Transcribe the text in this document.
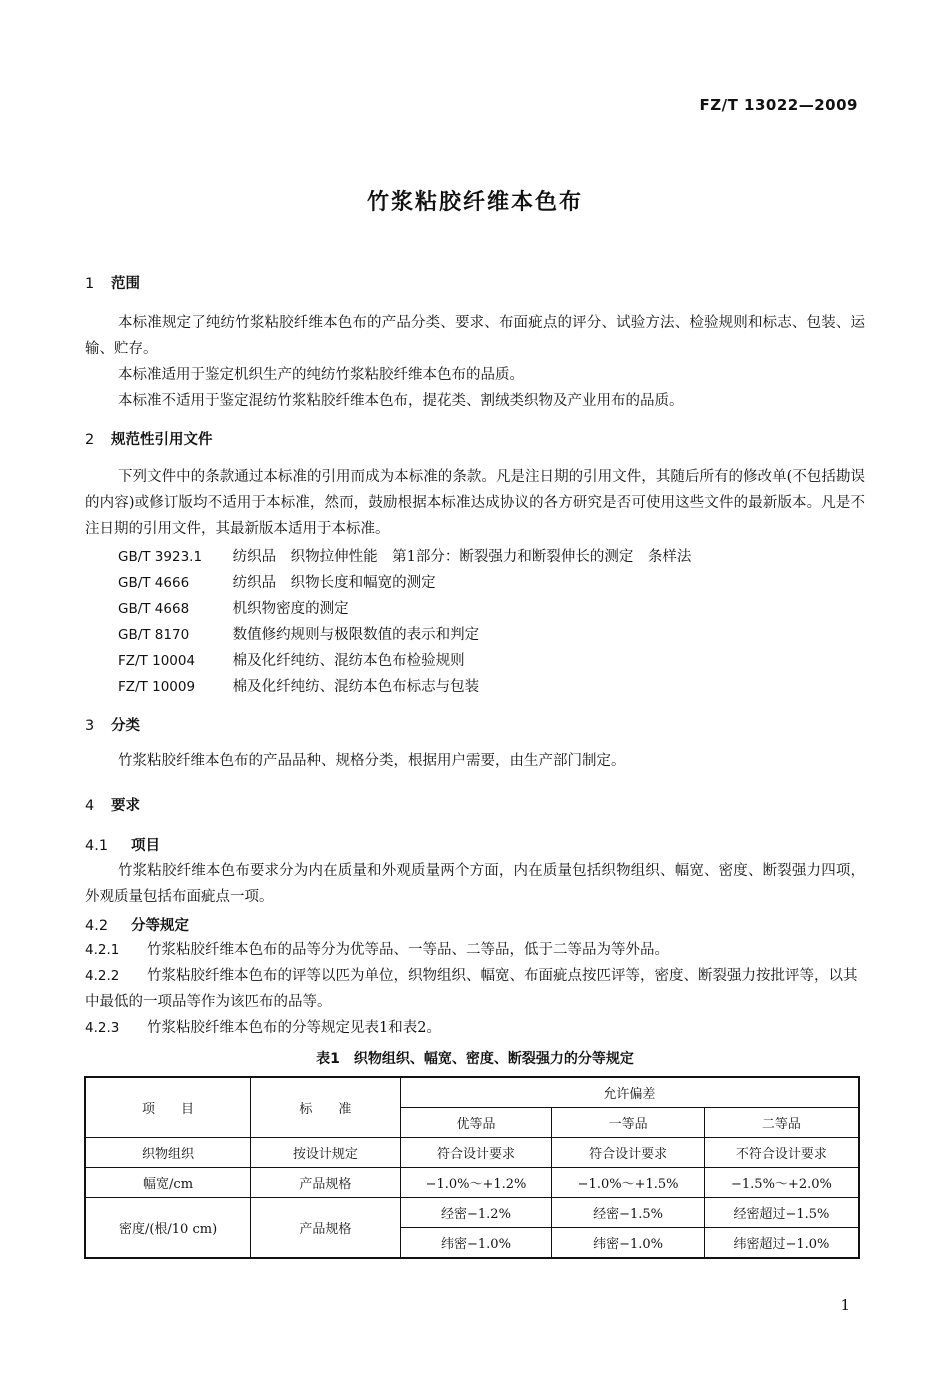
FZ/T 13022—2009
竹浆粘胶纤维本色布
1 范围
本标准规定了纯纺竹浆粘胶纤维本色布的产品分类、要求、布面疵点的评分、试验方法、检验规则和标志、包装、运输、贮存。
本标准适用于鉴定机织生产的纯纺竹浆粘胶纤维本色布的品质。
本标准不适用于鉴定混纺竹浆粘胶纤维本色布，提花类、割绒类织物及产业用布的品质。
2 规范性引用文件
下列文件中的条款通过本标准的引用而成为本标准的条款。凡是注日期的引用文件，其随后所有的修改单(不包括勘误的内容)或修订版均不适用于本标准，然而，鼓励根据本标准达成协议的各方研究是否可使用这些文件的最新版本。凡是不注日期的引用文件，其最新版本适用于本标准。
GB/T 3923.1 纺织品　织物拉伸性能　第1部分：断裂强力和断裂伸长的测定　条样法
GB/T 4666	纺织品　织物长度和幅宽的测定
GB/T 4668	机织物密度的测定
GB/T 8170	数值修约规则与极限数值的表示和判定
FZ/T 10004	棉及化纤纯纺、混纺本色布检验规则
FZ/T 10009	棉及化纤纯纺、混纺本色布标志与包装
3 分类
竹浆粘胶纤维本色布的产品品种、规格分类，根据用户需要，由生产部门制定。
4 要求
4.1 项目
竹浆粘胶纤维本色布要求分为内在质量和外观质量两个方面，内在质量包括织物组织、幅宽、密度、断裂强力四项，外观质量包括布面疵点一项。
4.2 分等规定
4.2.1 竹浆粘胶纤维本色布的品等分为优等品、一等品、二等品，低于二等品为等外品。
4.2.2 竹浆粘胶纤维本色布的评等以匹为单位，织物组织、幅宽、布面疵点按匹评等，密度、断裂强力按批评等，以其中最低的一项品等作为该匹布的品等。
4.2.3 竹浆粘胶纤维本色布的分等规定见表1和表2。
表1　织物组织、幅宽、密度、断裂强力的分等规定
项　　目	标　　准	允许偏差		
		优等品	一等品	二等品
织物组织	按设计规定	符合设计要求	符合设计要求	不符合设计要求
幅宽/cm	产品规格	−1.0%～+1.2%	−1.0%～+1.5%	−1.5%～+2.0%
密度/(根/10 cm)	产品规格	经密−1.2%	经密−1.5%	经密超过−1.5%
		纬密−1.0%	纬密−1.0%	纬密超过−1.0%
1
